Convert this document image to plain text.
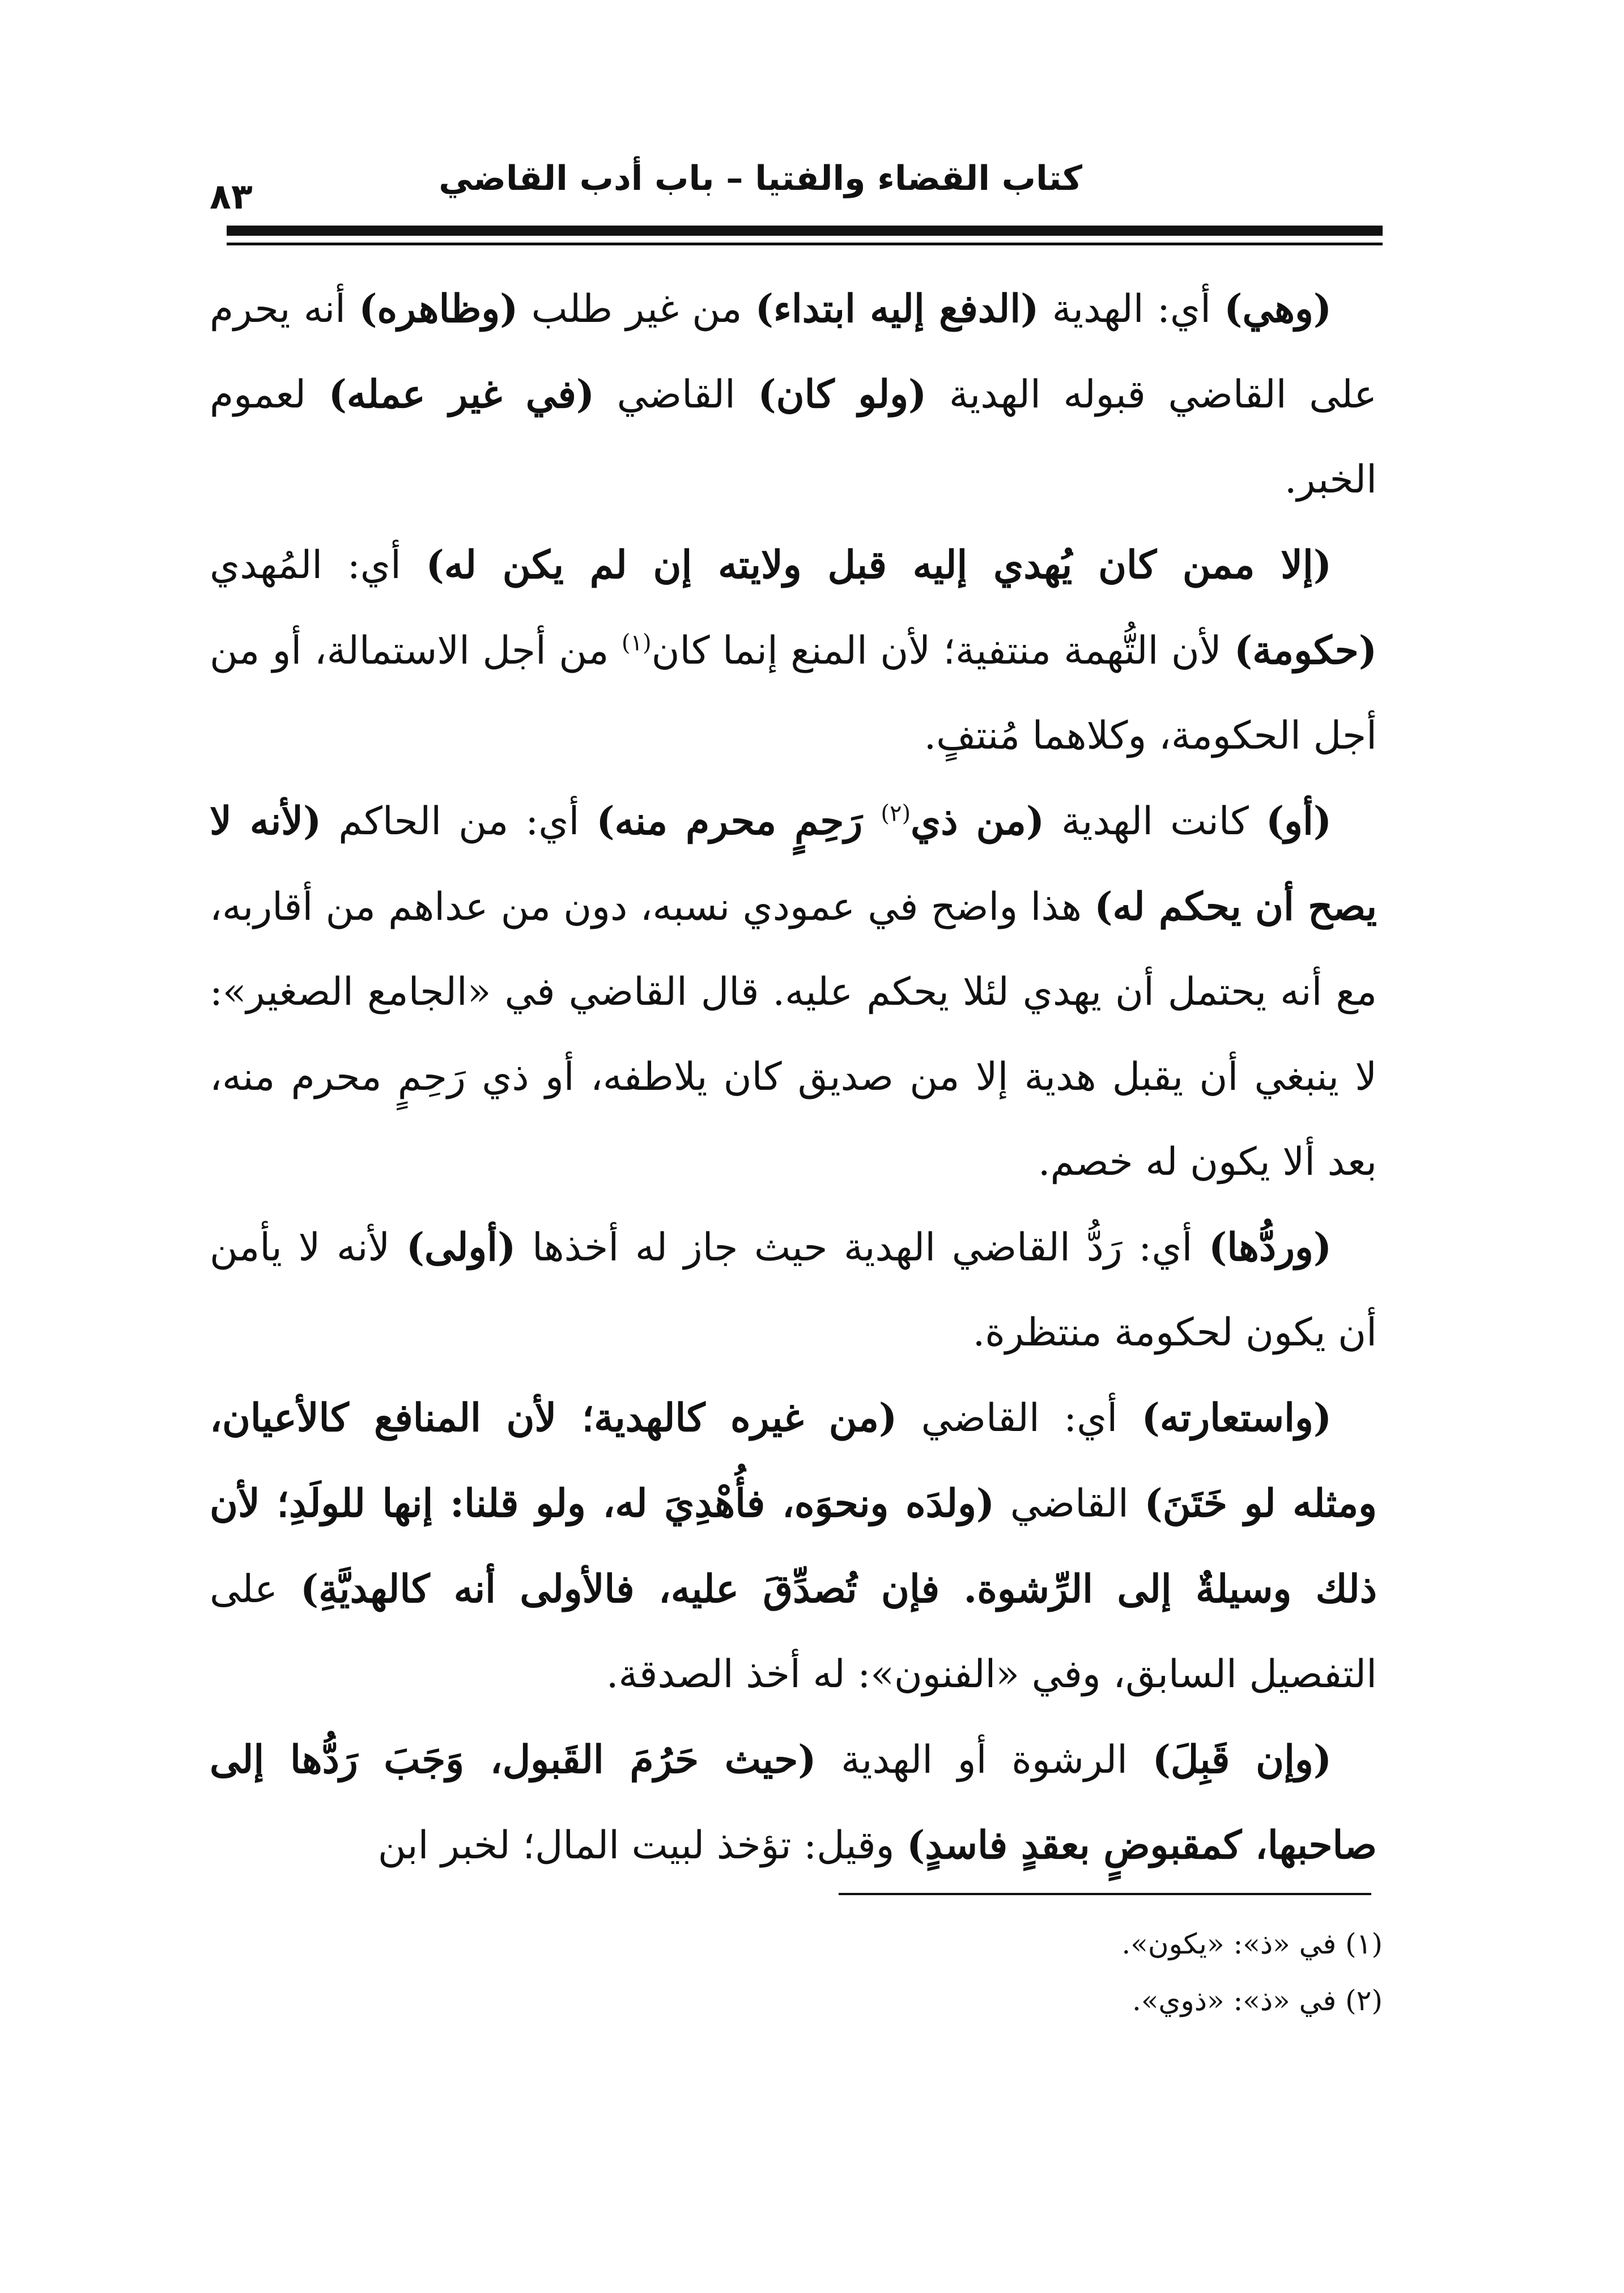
كتاب القضاء والفتيا – باب أدب القاضي
٨٣

(وهي) أي: الهدية (الدفع إليه ابتداء) من غير طلب (وظاهره) أنه يحرم على القاضي قبوله الهدية (ولو كان) القاضي (في غير عمله) لعموم الخبر.

(إلا ممن كان يُهدي إليه قبل ولايته إن لم يكن له) أي: المُهدي (حكومة) لأن التُّهمة منتفية؛ لأن المنع إنما كان$^{(١)}$ من أجل الاستمالة، أو من أجل الحكومة، وكلاهما مُنتفٍ.

(أو) كانت الهدية (من ذي$^{(٢)}$ رَحِمٍ محرم منه) أي: من الحاكم (لأنه لا يصح أن يحكم له) هذا واضح في عمودي نسبه، دون من عداهم من أقاربه، مع أنه يحتمل أن يهدي لئلا يحكم عليه. قال القاضي في «الجامع الصغير»: لا ينبغي أن يقبل هدية إلا من صديق كان يلاطفه، أو ذي رَحِمٍ محرم منه، بعد ألا يكون له خصم.

(وردُّها) أي: رَدُّ القاضي الهدية حيث جاز له أخذها (أولى) لأنه لا يأمن أن يكون لحكومة منتظرة.

(واستعارته) أي: القاضي (من غيره كالهدية؛ لأن المنافع كالأعيان، ومثله لو خَتَنَ) القاضي (ولدَه ونحوَه، فأُهْدِيَ له، ولو قلنا: إنها للولَدِ؛ لأن ذلك وسيلةٌ إلى الرِّشوة. فإن تُصدِّقَ عليه، فالأولى أنه كالهديَّةِ) على التفصيل السابق، وفي «الفنون»: له أخذ الصدقة.

(وإن قَبِلَ) الرشوة أو الهدية (حيث حَرُمَ القَبول، وَجَبَ رَدُّها إلى صاحبها، كمقبوضٍ بعقدٍ فاسدٍ) وقيل: تؤخذ لبيت المال؛ لخبر ابن

(١) في «ذ»: «يكون».
(٢) في «ذ»: «ذوي».
